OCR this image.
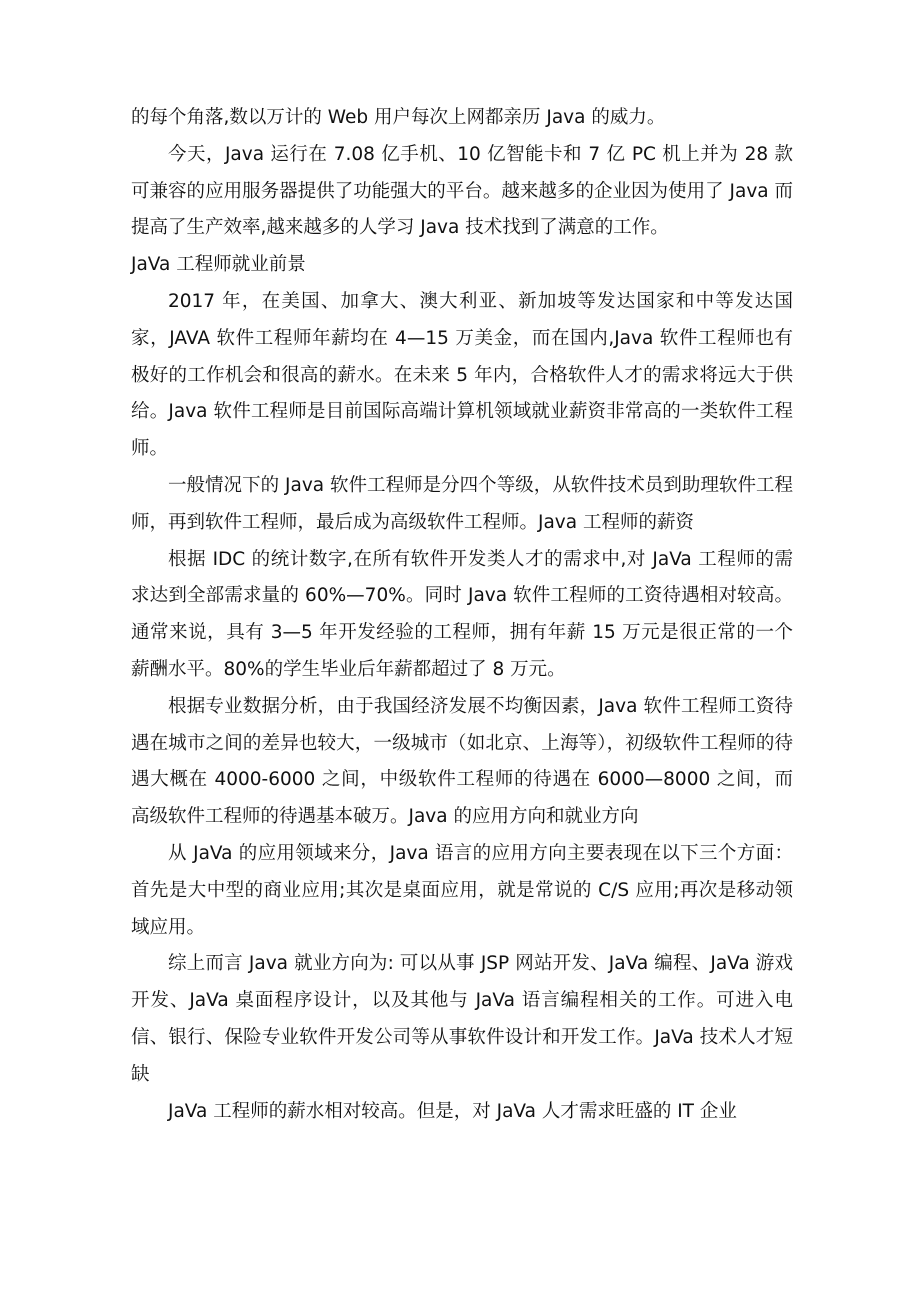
的每个角落,数以万计的 Web 用户每次上网都亲历 Java 的威力。

今天，Java 运行在 7.08 亿手机、10 亿智能卡和 7 亿 PC 机上并为 28 款可兼容的应用服务器提供了功能强大的平台。越来越多的企业因为使用了 Java 而提高了生产效率,越来越多的人学习 Java 技术找到了满意的工作。

JaVa 工程师就业前景

2017 年，在美国、加拿大、澳大利亚、新加坡等发达国家和中等发达国家，JAVA 软件工程师年薪均在 4—15 万美金，而在国内,Java 软件工程师也有极好的工作机会和很高的薪水。在未来 5 年内，合格软件人才的需求将远大于供给。Java 软件工程师是目前国际高端计算机领域就业薪资非常高的一类软件工程师。

一般情况下的 Java 软件工程师是分四个等级，从软件技术员到助理软件工程师，再到软件工程师，最后成为高级软件工程师。Java 工程师的薪资

根据 IDC 的统计数字,在所有软件开发类人才的需求中,对 JaVa 工程师的需求达到全部需求量的 60%—70%。同时 Java 软件工程师的工资待遇相对较高。通常来说，具有 3—5 年开发经验的工程师，拥有年薪 15 万元是很正常的一个薪酬水平。80%的学生毕业后年薪都超过了 8 万元。

根据专业数据分析，由于我国经济发展不均衡因素，Java 软件工程师工资待遇在城市之间的差异也较大，一级城市（如北京、上海等），初级软件工程师的待遇大概在 4000-6000 之间，中级软件工程师的待遇在 6000—8000 之间，而高级软件工程师的待遇基本破万。Java 的应用方向和就业方向

从 JaVa 的应用领域来分，Java 语言的应用方向主要表现在以下三个方面：首先是大中型的商业应用;其次是桌面应用，就是常说的 C/S 应用;再次是移动领域应用。

综上而言 Java 就业方向为: 可以从事 JSP 网站开发、JaVa 编程、JaVa 游戏开发、JaVa 桌面程序设计，以及其他与 JaVa 语言编程相关的工作。可进入电信、银行、保险专业软件开发公司等从事软件设计和开发工作。JaVa 技术人才短缺

JaVa 工程师的薪水相对较高。但是，对 JaVa 人才需求旺盛的 IT 企业
